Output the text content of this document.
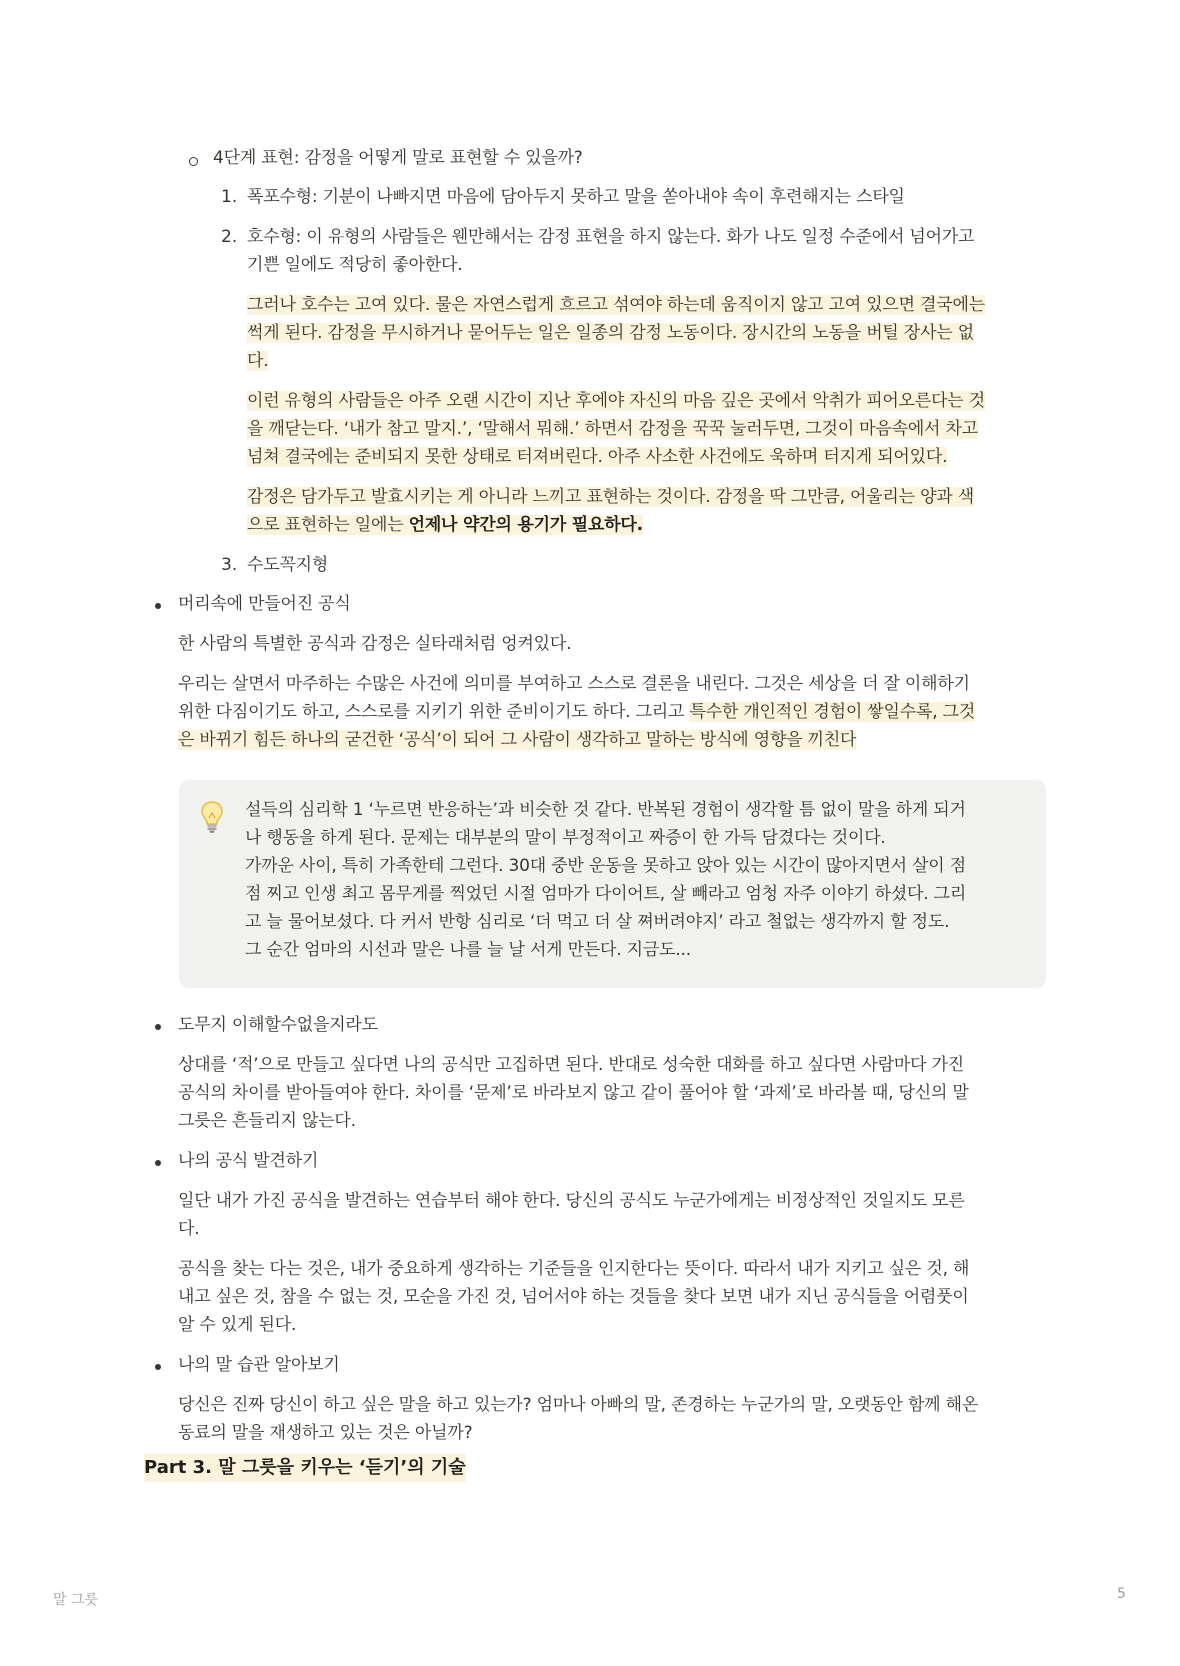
4단계 표현: 감정을 어떻게 말로 표현할 수 있을까?
1. 폭포수형: 기분이 나빠지면 마음에 담아두지 못하고 말을 쏟아내야 속이 후련해지는 스타일
2. 호수형: 이 유형의 사람들은 웬만해서는 감정 표현을 하지 않는다. 화가 나도 일정 수준에서 넘어가고
기쁜 일에도 적당히 좋아한다.
그러나 호수는 고여 있다. 물은 자연스럽게 흐르고 섞여야 하는데 움직이지 않고 고여 있으면 결국에는
썩게 된다. 감정을 무시하거나 묻어두는 일은 일종의 감정 노동이다. 장시간의 노동을 버틸 장사는 없
다.
이런 유형의 사람들은 아주 오랜 시간이 지난 후에야 자신의 마음 깊은 곳에서 악취가 피어오른다는 것
을 깨닫는다. ‘내가 참고 말지.’, ‘말해서 뭐해.’ 하면서 감정을 꾹꾹 눌러두면, 그것이 마음속에서 차고
넘쳐 결국에는 준비되지 못한 상태로 터져버린다. 아주 사소한 사건에도 욱하며 터지게 되어있다.
감정은 담가두고 발효시키는 게 아니라 느끼고 표현하는 것이다. 감정을 딱 그만큼, 어울리는 양과 색
으로 표현하는 일에는 언제나 약간의 용기가 필요하다.
3. 수도꼭지형
머리속에 만들어진 공식
한 사람의 특별한 공식과 감정은 실타래처럼 엉켜있다.
우리는 살면서 마주하는 수많은 사건에 의미를 부여하고 스스로 결론을 내린다. 그것은 세상을 더 잘 이해하기
위한 다짐이기도 하고, 스스로를 지키기 위한 준비이기도 하다. 그리고 특수한 개인적인 경험이 쌓일수록, 그것
은 바뀌기 힘든 하나의 굳건한 ‘공식’이 되어 그 사람이 생각하고 말하는 방식에 영향을 끼친다
설득의 심리학 1 ‘누르면 반응하는’과 비슷한 것 같다. 반복된 경험이 생각할 틈 없이 말을 하게 되거
나 행동을 하게 된다. 문제는 대부분의 말이 부정적이고 짜증이 한 가득 담겼다는 것이다.
가까운 사이, 특히 가족한테 그런다. 30대 중반 운동을 못하고 앉아 있는 시간이 많아지면서 살이 점
점 찌고 인생 최고 몸무게를 찍었던 시절 엄마가 다이어트, 살 빼라고 엄청 자주 이야기 하셨다. 그리
고 늘 물어보셨다. 다 커서 반항 심리로 ‘더 먹고 더 살 쪄버려야지’ 라고 철없는 생각까지 할 정도.
그 순간 엄마의 시선과 말은 나를 늘 날 서게 만든다. 지금도...
도무지 이해할수없을지라도
상대를 ‘적’으로 만들고 싶다면 나의 공식만 고집하면 된다. 반대로 성숙한 대화를 하고 싶다면 사람마다 가진
공식의 차이를 받아들여야 한다. 차이를 ‘문제’로 바라보지 않고 같이 풀어야 할 ‘과제’로 바라볼 때, 당신의 말
그릇은 흔들리지 않는다.
나의 공식 발견하기
일단 내가 가진 공식을 발견하는 연습부터 해야 한다. 당신의 공식도 누군가에게는 비정상적인 것일지도 모른
다.
공식을 찾는 다는 것은, 내가 중요하게 생각하는 기준들을 인지한다는 뜻이다. 따라서 내가 지키고 싶은 것, 해
내고 싶은 것, 참을 수 없는 것, 모순을 가진 것, 넘어서야 하는 것들을 찾다 보면 내가 지닌 공식들을 어렴풋이
알 수 있게 된다.
나의 말 습관 알아보기
당신은 진짜 당신이 하고 싶은 말을 하고 있는가? 엄마나 아빠의 말, 존경하는 누군가의 말, 오랫동안 함께 해온
동료의 말을 재생하고 있는 것은 아닐까?
Part 3. 말 그릇을 키우는 ‘듣기’의 기술
말 그릇	5
